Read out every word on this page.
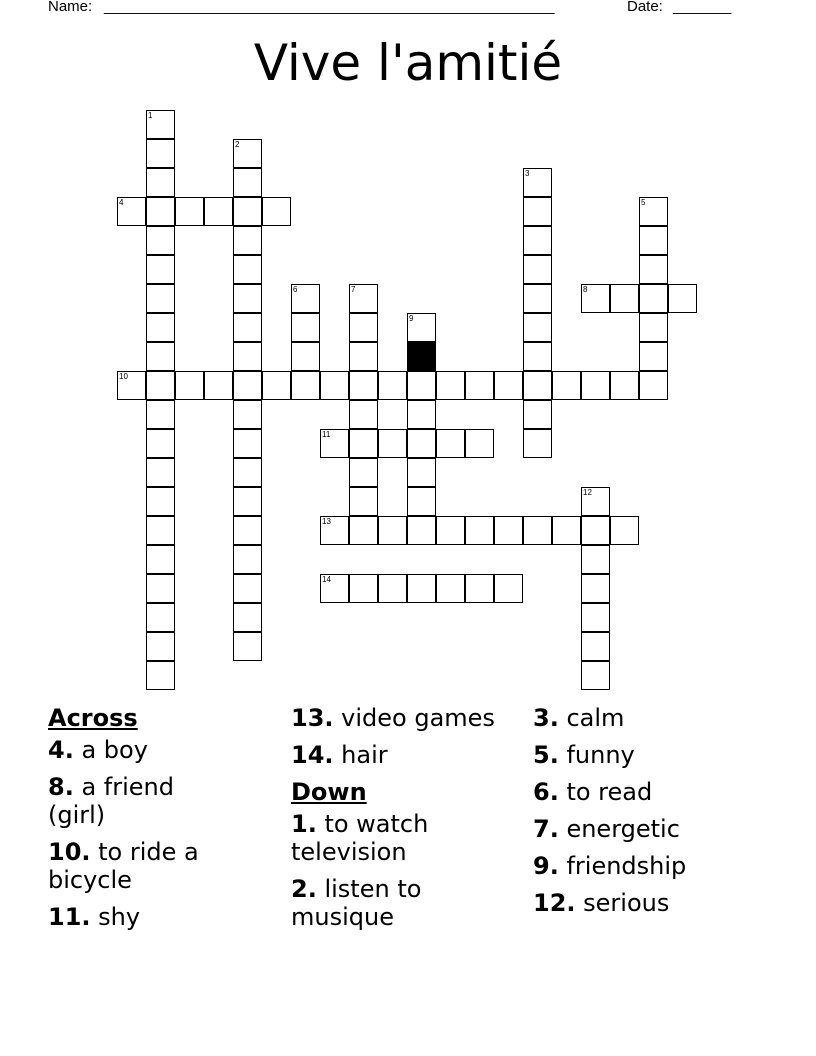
Name: ______________________________________________________	Date: _______
Vive l'amitié
1
2
3
4	5
6	7	8
9
10
11
12
13
14
Across
4. a boy
8. a friend (girl)
10. to ride a bicycle
11. shy
13. video games
14. hair
Down
1. to watch television
2. listen to musique
3. calm
5. funny
6. to read
7. energetic
9. friendship
12. serious
